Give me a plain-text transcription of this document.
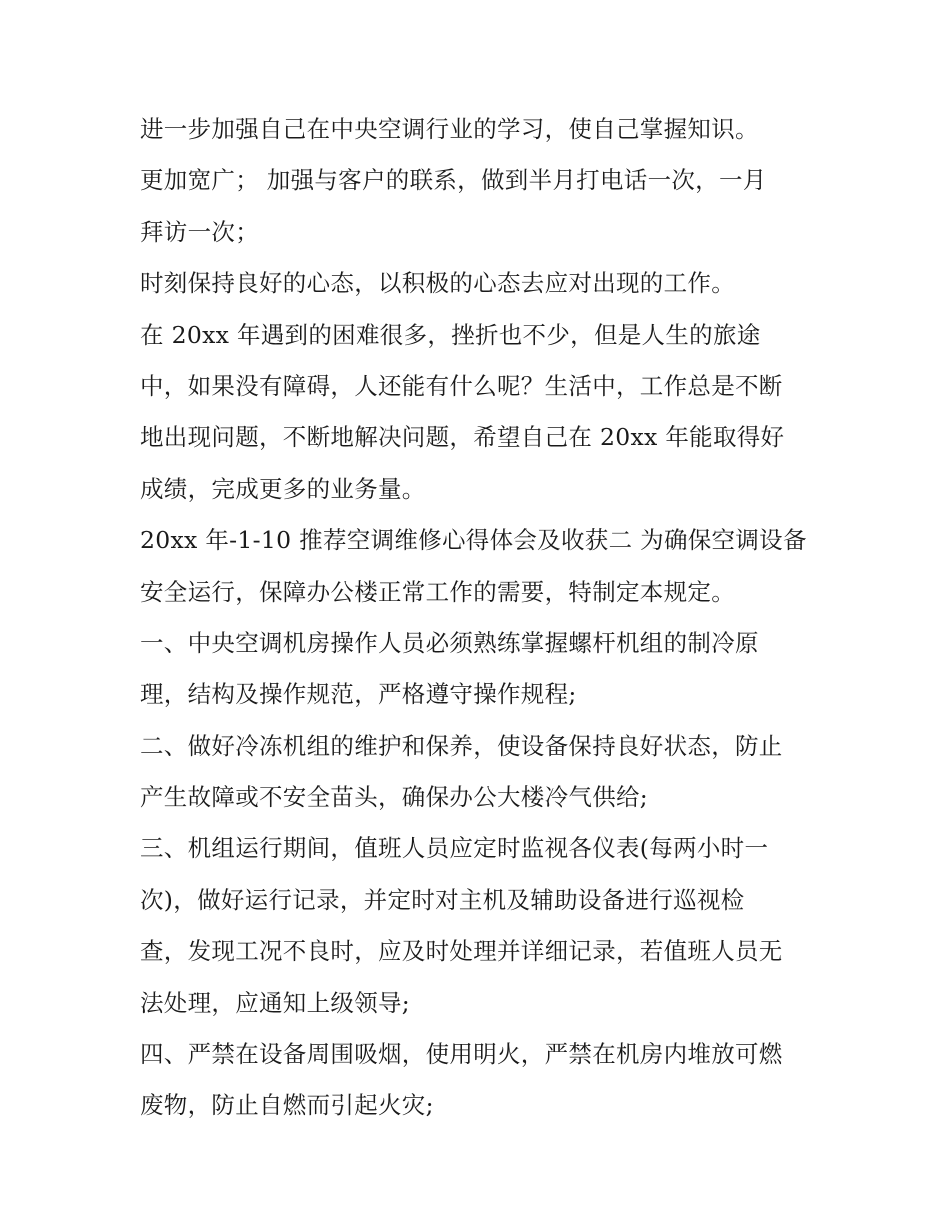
进一步加强自己在中央空调行业的学习，使自己掌握知识。
更加宽广； 加强与客户的联系，做到半月打电话一次，一月
拜访一次；
时刻保持良好的心态，以积极的心态去应对出现的工作。
在 20xx 年遇到的困难很多，挫折也不少，但是人生的旅途
中，如果没有障碍，人还能有什么呢？生活中，工作总是不断
地出现问题，不断地解决问题，希望自己在 20xx 年能取得好
成绩，完成更多的业务量。
20xx 年-1-10 推荐空调维修心得体会及收获二 为确保空调设备
安全运行，保障办公楼正常工作的需要，特制定本规定。
一、中央空调机房操作人员必须熟练掌握螺杆机组的制冷原
理，结构及操作规范，严格遵守操作规程;
二、做好冷冻机组的维护和保养，使设备保持良好状态，防止
产生故障或不安全苗头，确保办公大楼冷气供给;
三、机组运行期间，值班人员应定时监视各仪表(每两小时一
次)，做好运行记录，并定时对主机及辅助设备进行巡视检
查，发现工况不良时，应及时处理并详细记录，若值班人员无
法处理，应通知上级领导;
四、严禁在设备周围吸烟，使用明火，严禁在机房内堆放可燃
废物，防止自燃而引起火灾;
